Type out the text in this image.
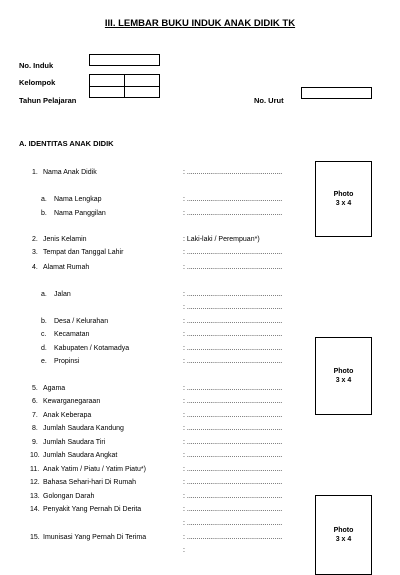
III. LEMBAR BUKU INDUK ANAK DIDIK TK
No. Induk
Kelompok
Tahun Pelajaran	No. Urut
A. IDENTITAS ANAK DIDIK
1. Nama Anak Didik	: .................................................
a. Nama Lengkap	: .................................................
b. Nama Panggilan	: .................................................
2. Jenis Kelamin	: Laki-laki / Perempuan*)
3. Tempat dan Tanggal Lahir	: .................................................
4. Alamat Rumah	: .................................................
a. Jalan	: .................................................
: .................................................
b. Desa / Kelurahan	: .................................................
c. Kecamatan	: .................................................
d. Kabupaten / Kotamadya	: .................................................
e. Propinsi	: .................................................
5. Agama	: .................................................
6. Kewarganegaraan	: .................................................
7. Anak Keberapa	: .................................................
8. Jumlah Saudara Kandung	: .................................................
9. Jumlah Saudara Tiri	: .................................................
10. Jumlah Saudara Angkat	: .................................................
11. Anak Yatim / Piatu / Yatim Piatu*)	: .................................................
12. Bahasa Sehari-hari Di Rumah	: .................................................
13. Golongan Darah	: .................................................
14. Penyakit Yang Pernah Di Derita	: .................................................
: .................................................
15. Imunisasi Yang Pernah Di Terima	: .................................................
:
Photo
3 x 4
Photo
3 x 4
Photo
3 x 4
